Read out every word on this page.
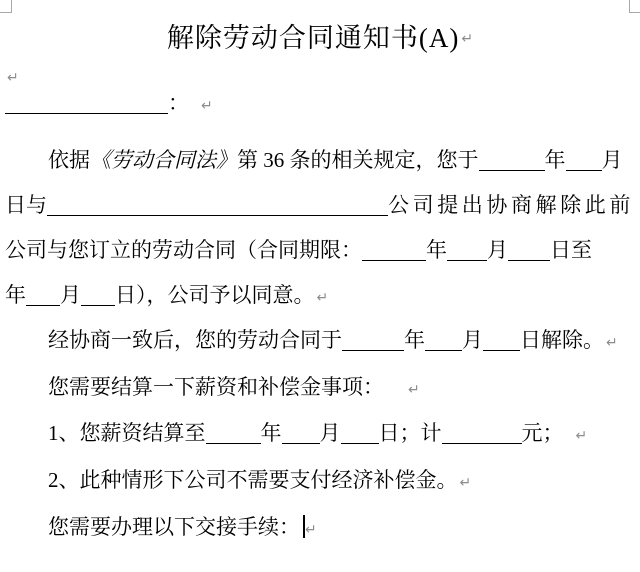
解除劳动合同通知书(A) ↵
↵
： ↵
依据《劳动合同法》第 36 条的相关规定，您于	年 月
日与	公司提出协商解除此前
公司与您订立的劳动合同（合同期限：	年 月 日至
年 月 日），公司予以同意。 ↵
经协商一致后，您的劳动合同于	年 月 日解除。 ↵
您需要结算一下薪资和补偿金事项： ↵
1、您薪资结算至	年 月 日；计	元； ↵
2、此种情形下公司不需要支付经济补偿金。 ↵
您需要办理以下交接手续： ↵
